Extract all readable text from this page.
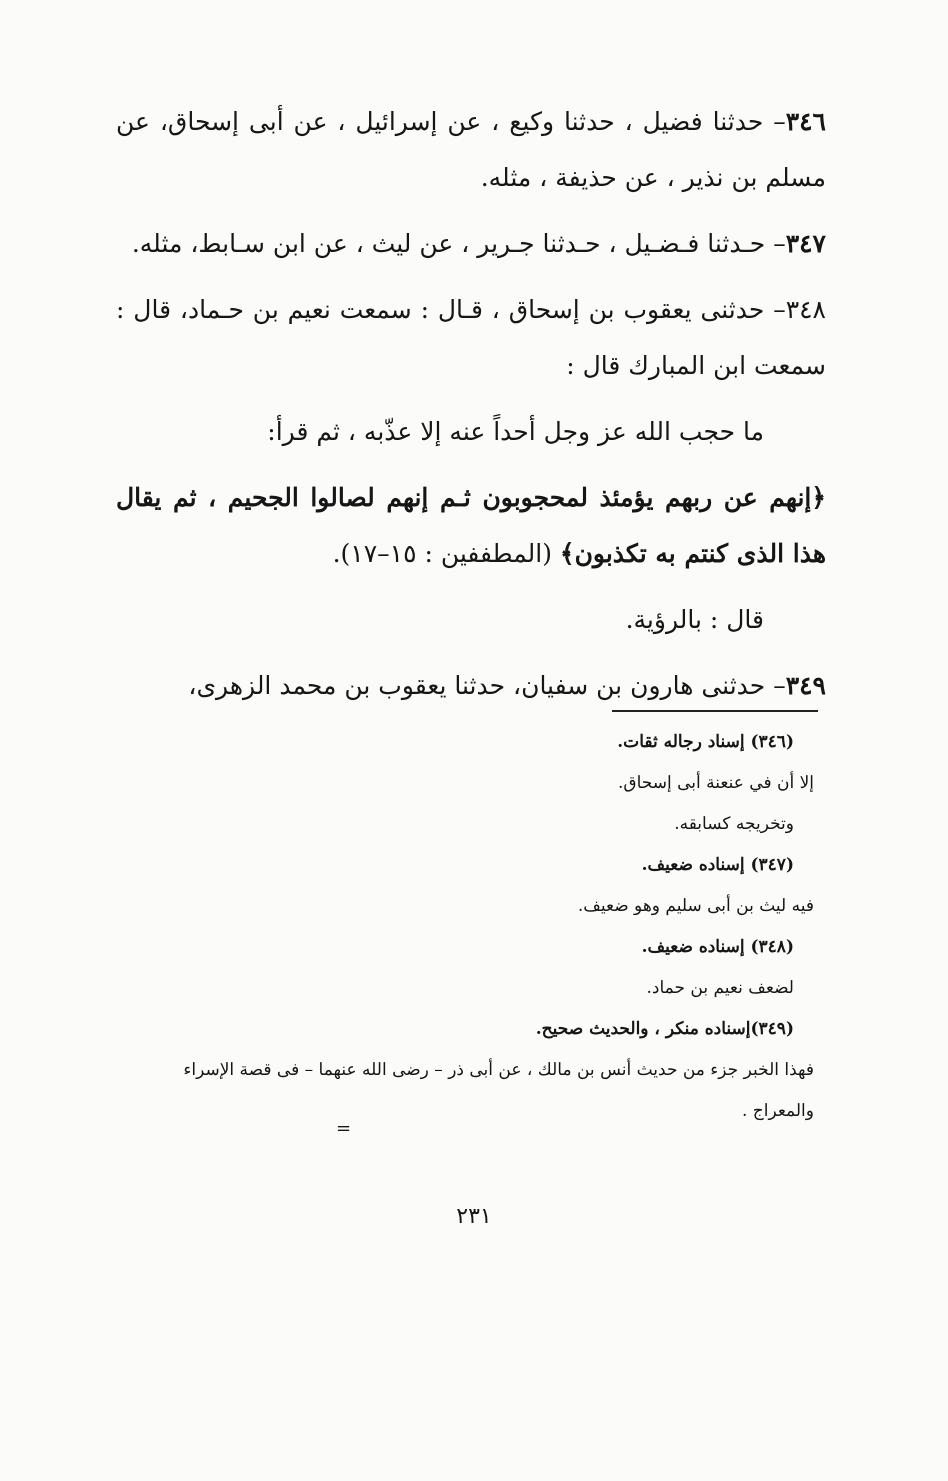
٣٤٦– حدثنا فضيل ، حدثنا وكيع ، عن إسرائيل ، عن أبى إسحاق، عن مسلم بن نذير ، عن حذيفة ، مثله.

٣٤٧– حـدثنا فـضـيل ، حـدثنا جـرير ، عن ليث ، عن ابن سـابط، مثله.

٣٤٨– حدثنى يعقوب بن إسحاق ، قـال : سمعت نعيم بن حـماد، قال : سمعت ابن المبارك قال :

ما حجب الله عز وجل أحداً عنه إلا عذّبه ، ثم قرأ:

﴿إنهم عن ربهم يؤمئذ لمحجوبون ثـم إنهم لصالوا الجحيم ، ثم يقال هذا الذى كنتم به تكذبون﴾ (المطففين : ١٥–١٧).

قال : بالرؤية.

٣٤٩– حدثنى هارون بن سفيان، حدثنا يعقوب بن محمد الزهرى،

(٣٤٦) إسناد رجاله ثقات.
إلا أن في عنعنة أبى إسحاق.
وتخريجه كسابقه.
(٣٤٧) إسناده ضعيف.
فيه ليث بن أبى سليم وهو ضعيف.
(٣٤٨) إسناده ضعيف.
لضعف نعيم بن حماد.
(٣٤٩)إسناده منكر ، والحديث صحيح.
فهذا الخبر جزء من حديث أنس بن مالك ، عن أبى ذر – رضى الله عنهما – فى قصة الإسراء والمعراج .
=
٢٣١
